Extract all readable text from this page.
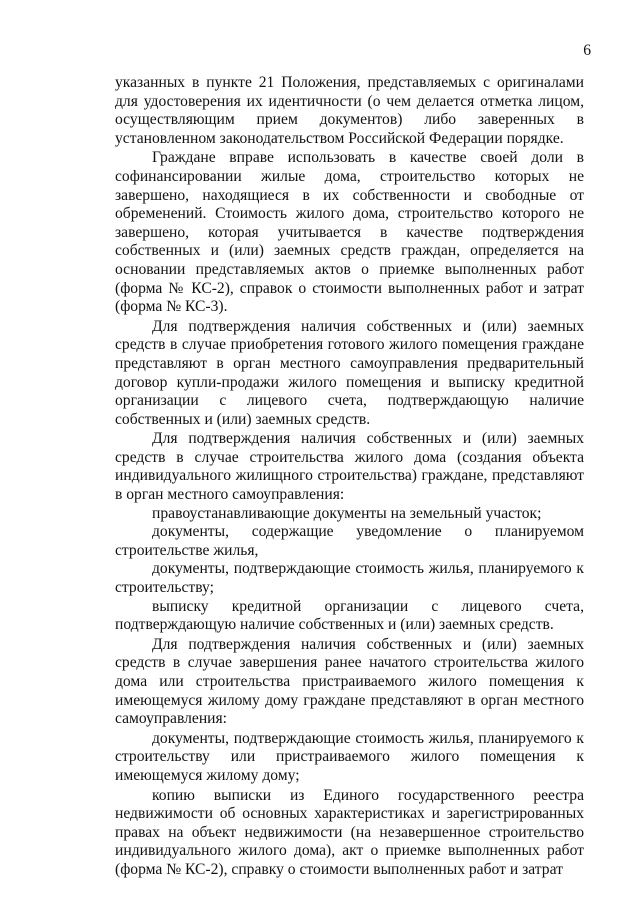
6

указанных в пункте 21 Положения, представляемых с оригиналами для удостоверения их идентичности (о чем делается отметка лицом, осуществляющим прием документов) либо заверенных в установленном законодательством Российской Федерации порядке.

Граждане вправе использовать в качестве своей доли в софинансировании жилые дома, строительство которых не завершено, находящиеся в их собственности и свободные от обременений. Стоимость жилого дома, строительство которого не завершено, которая учитывается в качестве подтверждения собственных и (или) заемных средств граждан, определяется на основании представляемых актов о приемке выполненных работ (форма № КС-2), справок о стоимости выполненных работ и затрат (форма № КС-3).

Для подтверждения наличия собственных и (или) заемных средств в случае приобретения готового жилого помещения граждане представляют в орган местного самоуправления предварительный договор купли-продажи жилого помещения и выписку кредитной организации с лицевого счета, подтверждающую наличие собственных и (или) заемных средств.

Для подтверждения наличия собственных и (или) заемных средств в случае строительства жилого дома (создания объекта индивидуального жилищного строительства) граждане, представляют в орган местного самоуправления:

правоустанавливающие документы на земельный участок;

документы, содержащие уведомление о планируемом строительстве жилья,

документы, подтверждающие стоимость жилья, планируемого к строительству;

выписку кредитной организации с лицевого счета, подтверждающую наличие собственных и (или) заемных средств.

Для подтверждения наличия собственных и (или) заемных средств в случае завершения ранее начатого строительства жилого дома или строительства пристраиваемого жилого помещения к имеющемуся жилому дому граждане представляют в орган местного самоуправления:

документы, подтверждающие стоимость жилья, планируемого к строительству или пристраиваемого жилого помещения к имеющемуся жилому дому;

копию выписки из Единого государственного реестра недвижимости об основных характеристиках и зарегистрированных правах на объект недвижимости (на незавершенное строительство индивидуального жилого дома), акт о приемке выполненных работ (форма № КС-2), справку о стоимости выполненных работ и затрат
